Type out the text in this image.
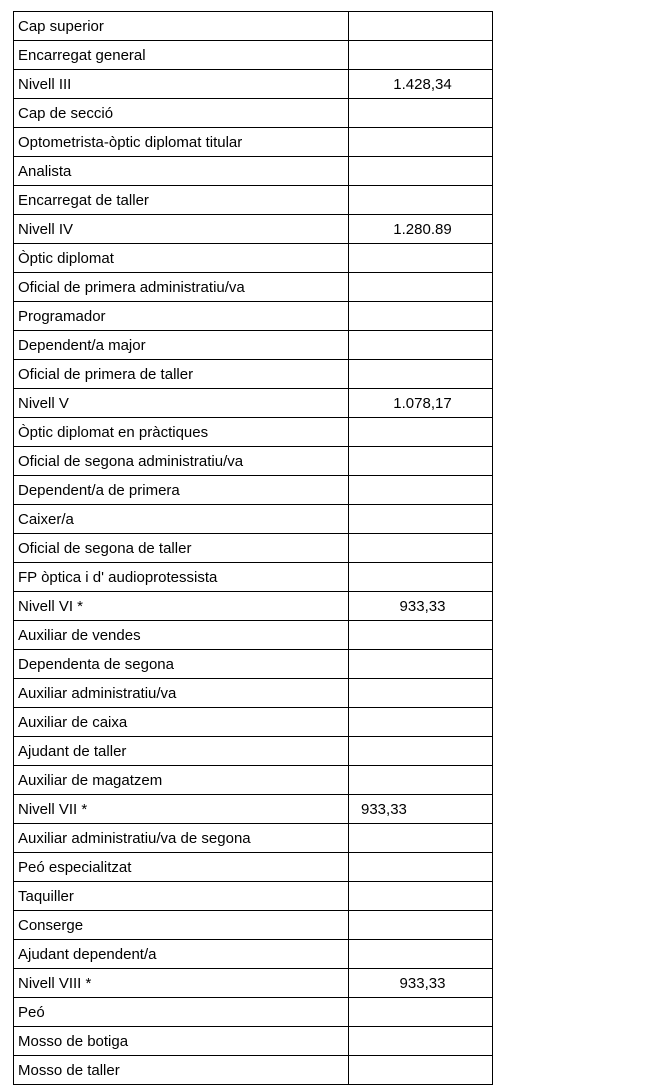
Cap superior	
Encarregat general	
Nivell III	1.428,34
Cap de secció	
Optometrista-òptic diplomat titular	
Analista	
Encarregat de taller	
Nivell IV	1.280.89
Òptic diplomat	
Oficial de primera administratiu/va	
Programador	
Dependent/a major	
Oficial de primera de taller	
Nivell V	1.078,17
Òptic diplomat en pràctiques	
Oficial de segona administratiu/va	
Dependent/a de primera	
Caixer/a	
Oficial de segona de taller	
FP òptica i d' audioprotessista	
Nivell VI *	933,33
Auxiliar de vendes	
Dependenta de segona	
Auxiliar administratiu/va	
Auxiliar de caixa	
Ajudant de taller	
Auxiliar de magatzem	
Nivell VII *	933,33
Auxiliar administratiu/va de segona	
Peó especialitzat	
Taquiller	
Conserge	
Ajudant dependent/a	
Nivell VIII *	933,33
Peó	
Mosso de botiga	
Mosso de taller	
